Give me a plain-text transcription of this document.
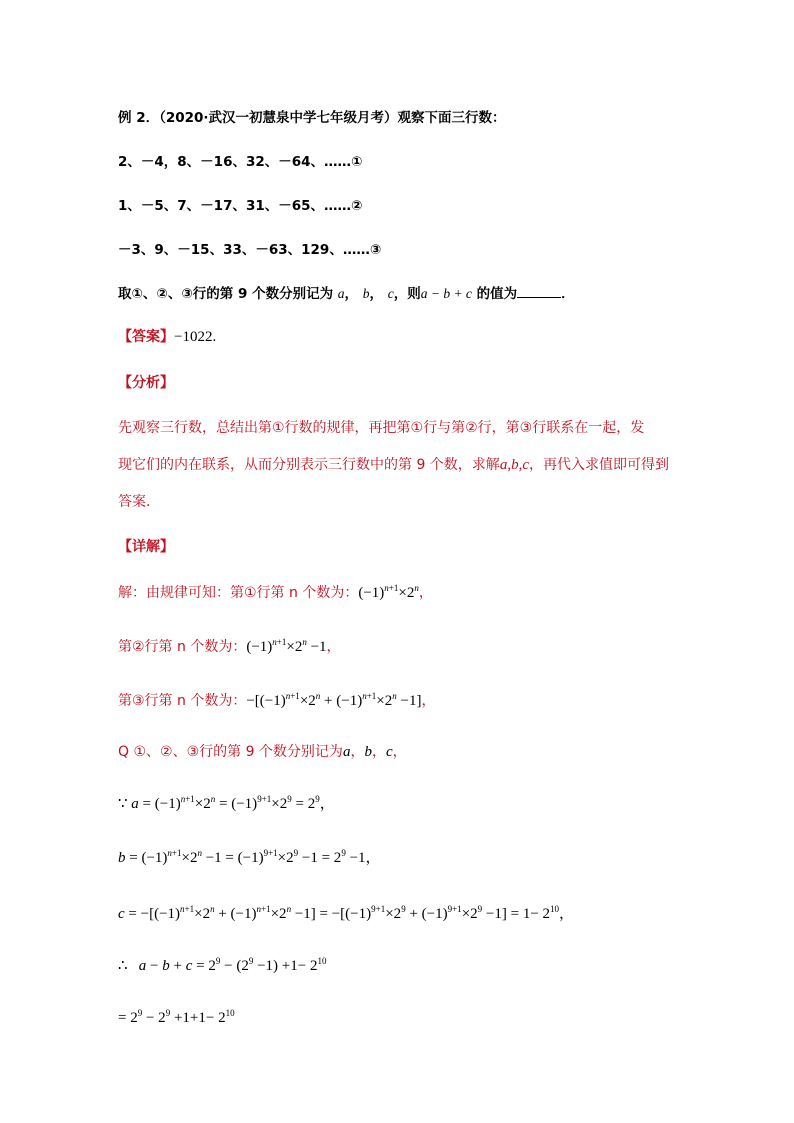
例 2．（2020·武汉一初慧泉中学七年级月考）观察下面三行数：
2、－4，8、－16、32、－64、……①
1、－5、7、－17、31、－65、……②
－3、9、－15、33、－63、129、……③
取①、②、③行的第 9 个数分别记为 a， b， c，则a − b + c 的值为	．
【答案】−1022.
【分析】
先观察三行数，总结出第①行数的规律，再把第①行与第②行，第③行联系在一起，发
现它们的内在联系，从而分别表示三行数中的第 9 个数，求解a,b,c，再代入求值即可得到
答案．
【详解】
解：由规律可知：第①行第 n 个数为：$(-1)^{n+1}\times 2^n$，
第②行第 n 个数为：$(-1)^{n+1}\times 2^n -1$，
第③行第 n 个数为：$-[(-1)^{n+1}\times 2^n + (-1)^{n+1}\times 2^n -1]$，
Q ①、②、③行的第 9 个数分别记为a，b，c，
∵ $a = (-1)^{n+1}\times 2^n = (-1)^{9+1}\times 2^9 = 2^9$，
$b = (-1)^{n+1}\times 2^n -1 = (-1)^{9+1}\times 2^9 -1 = 2^9 -1$，
$c = -[(-1)^{n+1}\times 2^n + (-1)^{n+1}\times 2^n -1] = -[(-1)^{9+1}\times 2^9 + (-1)^{9+1}\times 2^9 -1] = 1- 2^{10}$，
∴ $a - b + c = 2^9 - (2^9 -1) +1- 2^{10}$
= $2^9 - 2^9 +1+1- 2^{10}$
